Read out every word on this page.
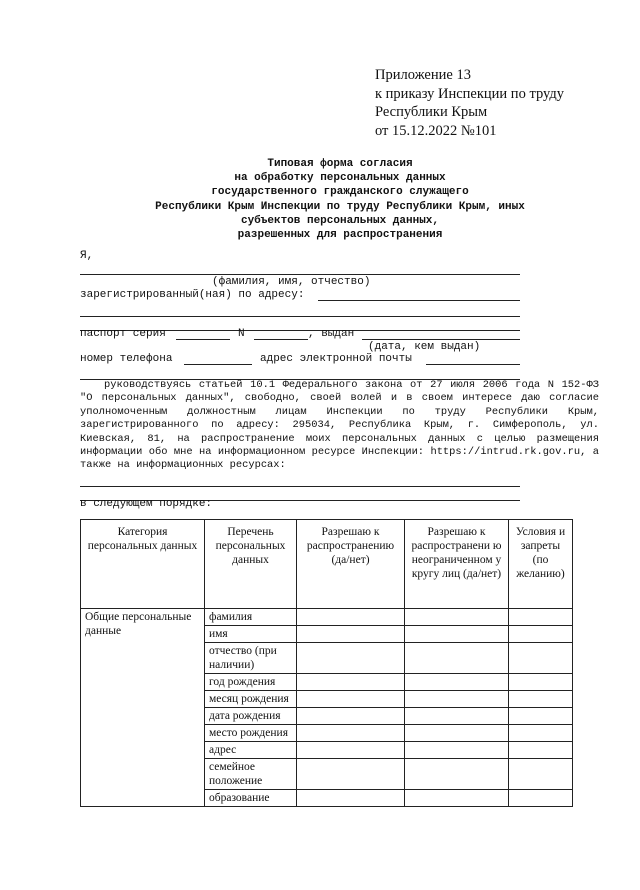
Приложение 13
к приказу Инспекции по труду
Республики Крым
от 15.12.2022 №101
Типовая форма согласия
на обработку персональных данных
государственного гражданского служащего
Республики Крым Инспекции по труду Республики Крым, иных
субъектов персональных данных,
разрешенных для распространения
Я,
(фамилия, имя, отчество)
зарегистрированный(ная) по адресу:
паспорт серия	N	, выдан
(дата, кем выдан)
номер телефона	адрес электронной почты

руководствуясь статьей 10.1 Федерального закона от 27 июля 2006 года N 152-ФЗ "О персональных данных", свободно, своей волей и в своем интересе даю согласие уполномоченным должностным лицам Инспекции по труду Республики Крым, зарегистрированного по адресу: 295034, Республика Крым, г. Симферополь, ул. Киевская, 81, на распространение моих персональных данных с целью размещения информации обо мне на информационном ресурсе Инспекции: https://intrud.rk.gov.ru, а также на информационных ресурсах:

в следующем порядке:
Категория персональных данных	Перечень персональных данных	Разрешаю к распространению (да/нет)	Разрешаю к распространени ю неограниченном у кругу лиц (да/нет)	Условия и запреты (по желанию)
Общие персональные данные	фамилия			
	имя			
	отчество (при наличии)			
	год рождения			
	месяц рождения			
	дата рождения			
	место рождения			
	адрес			
	семейное положение			
	образование			
